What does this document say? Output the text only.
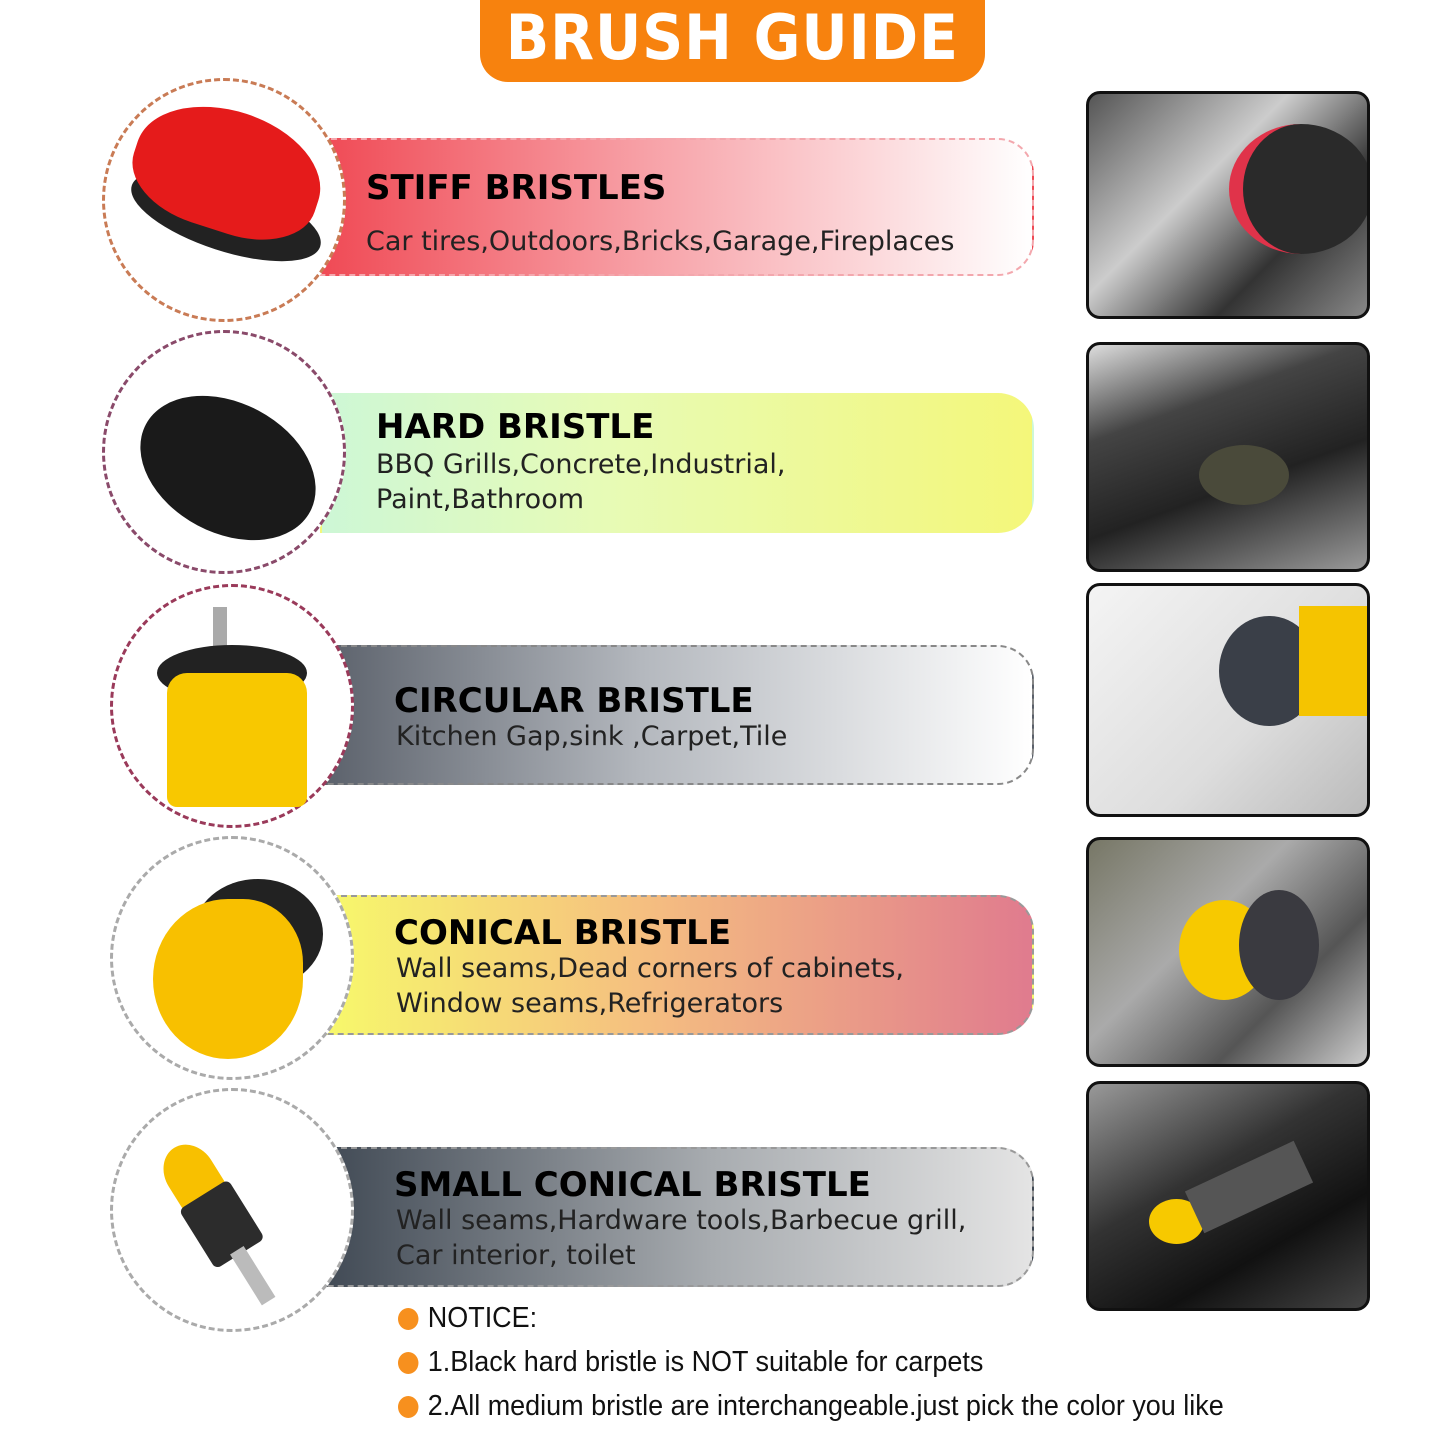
BRUSH GUIDE
STIFF BRISTLES
Car tires,Outdoors,Bricks,Garage,Fireplaces
HARD BRISTLE
BBQ Grills,Concrete,Industrial,
Paint,Bathroom
CIRCULAR BRISTLE
Kitchen Gap,sink ,Carpet,Tile
CONICAL BRISTLE
Wall seams,Dead corners of cabinets,
Window seams,Refrigerators
SMALL CONICAL BRISTLE
Wall seams,Hardware tools,Barbecue grill,
Car interior, toilet
NOTICE:
1.Black hard bristle is NOT suitable for carpets
2.All medium bristle are interchangeable.just pick the color you like
